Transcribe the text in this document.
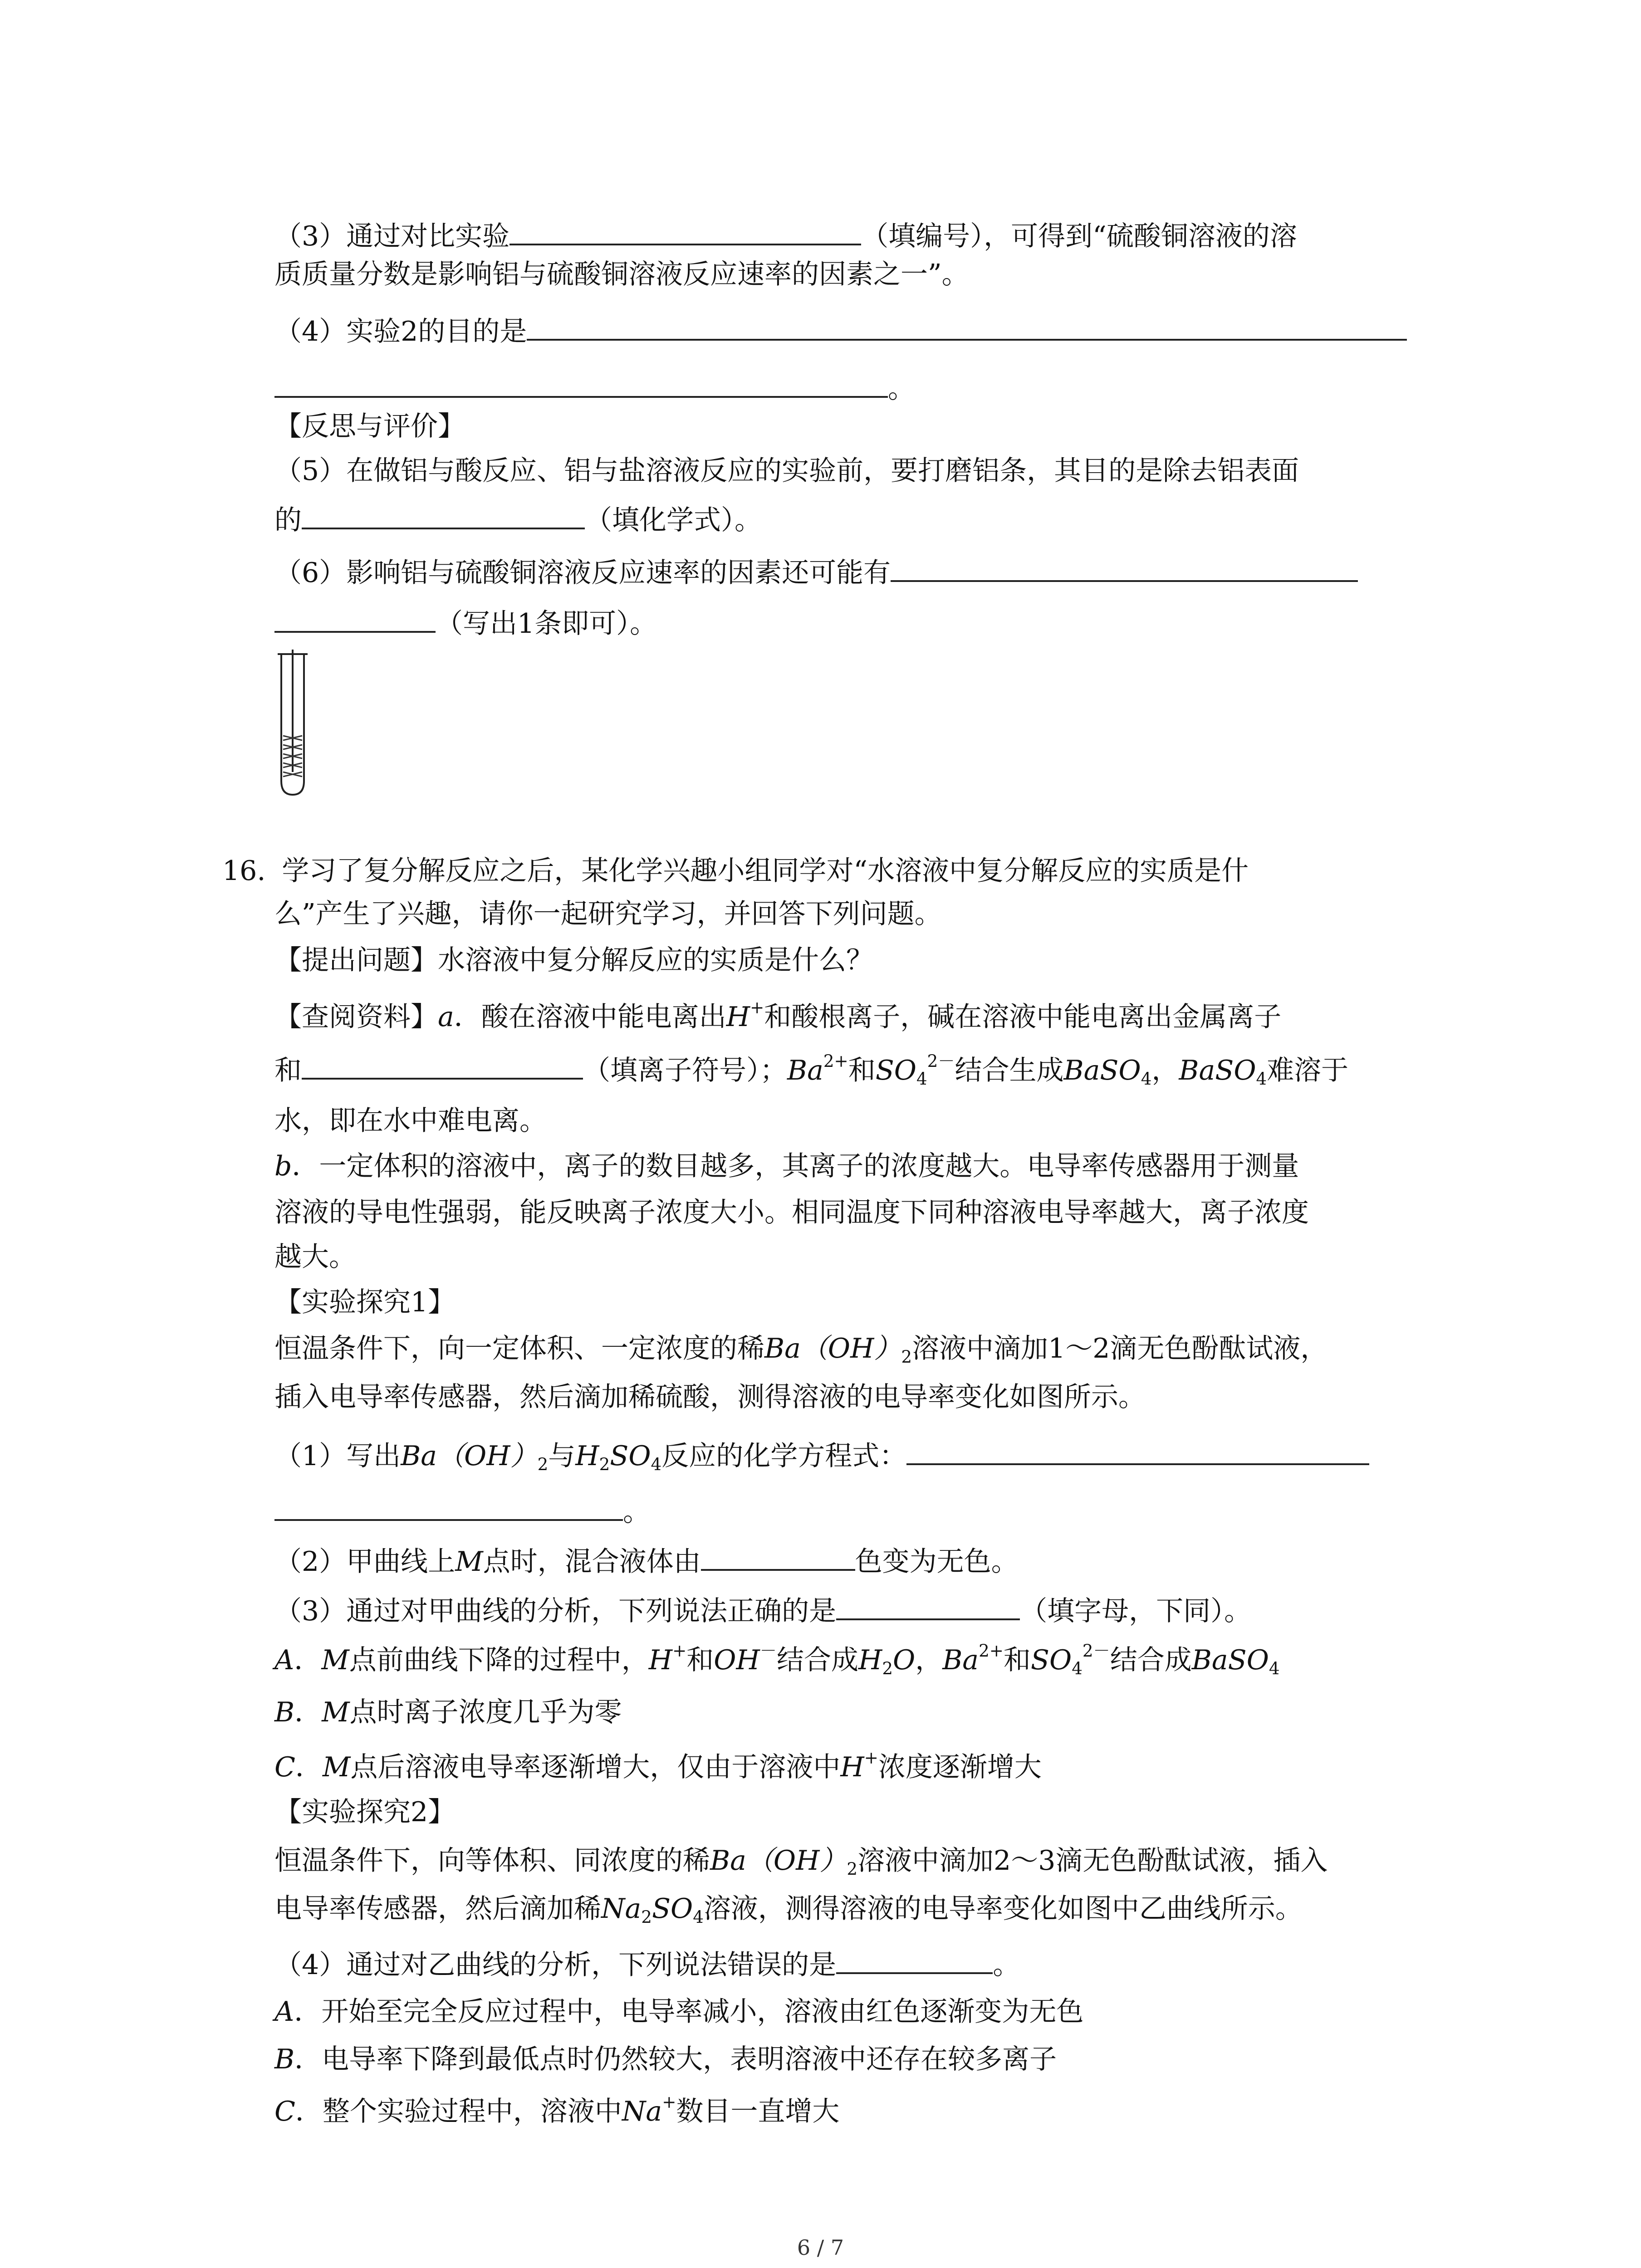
（3）通过对比实验	（填编号），可得到“硫酸铜溶液的溶
质质量分数是影响铝与硫酸铜溶液反应速率的因素之一”。
（4）实验2的目的是
。
【反思与评价】
（5）在做铝与酸反应、铝与盐溶液反应的实验前，要打磨铝条，其目的是除去铝表面
的	（填化学式）。
（6）影响铝与硫酸铜溶液反应速率的因素还可能有
（写出1条即可）。
16. 学习了复分解反应之后，某化学兴趣小组同学对“水溶液中复分解反应的实质是什
么”产生了兴趣，请你一起研究学习，并回答下列问题。
【提出问题】水溶液中复分解反应的实质是什么？
【查阅资料】a．酸在溶液中能电离出H+和酸根离子，碱在溶液中能电离出金属离子
和	（填离子符号）；$Ba^{2+}$和$SO_4^{2-}$结合生成BaSO$_4$，BaSO$_4$难溶于
水，即在水中难电离。
b．一定体积的溶液中，离子的数目越多，其离子的浓度越大。电导率传感器用于测量
溶液的导电性强弱，能反映离子浓度大小。相同温度下同种溶液电导率越大，离子浓度
越大。
【实验探究1】
恒温条件下，向一定体积、一定浓度的稀$Ba(OH)_2$溶液中滴加1～2滴无色酚酞试液，
插入电导率传感器，然后滴加稀硫酸，测得溶液的电导率变化如图所示。
（1）写出$Ba(OH)_2$与$H_2SO_4$反应的化学方程式：
。
（2）甲曲线上M点时，混合液体由	色变为无色。
（3）通过对甲曲线的分析，下列说法正确的是	（填字母，下同）。
A．M点前曲线下降的过程中，H+和OH－结合成$H_2O$，$Ba^{2+}$和$SO_4^{2-}$结合成BaSO$_4$
B．M点时离子浓度几乎为零
C．M点后溶液电导率逐渐增大，仅由于溶液中H+浓度逐渐增大
【实验探究2】
恒温条件下，向等体积、同浓度的稀$Ba(OH)_2$溶液中滴加2～3滴无色酚酞试液，插入
电导率传感器，然后滴加稀$Na_2SO_4$溶液，测得溶液的电导率变化如图中乙曲线所示。
（4）通过对乙曲线的分析，下列说法错误的是	。
A．开始至完全反应过程中，电导率减小，溶液由红色逐渐变为无色
B．电导率下降到最低点时仍然较大，表明溶液中还存在较多离子
C．整个实验过程中，溶液中Na+数目一直增大
6 / 7
